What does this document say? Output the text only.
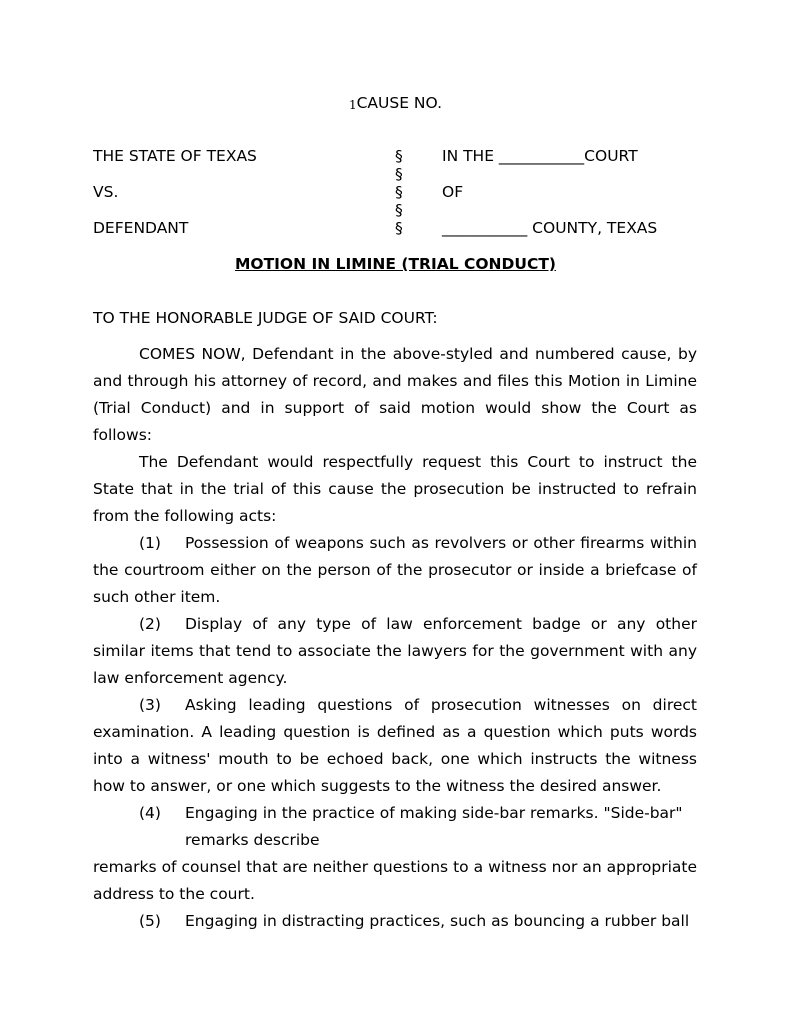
$^1$CAUSE NO.
THE STATE OF TEXAS
VS.
DEFENDANT
§
§
§
§
§
IN THE ___________COURT
OF
___________ COUNTY, TEXAS
MOTION IN LIMINE (TRIAL CONDUCT)
TO THE HONORABLE JUDGE OF SAID COURT:
COMES NOW, Defendant in the above-styled and numbered cause, by and through his attorney of record, and makes and files this Motion in Limine (Trial Conduct) and in support of said motion would show the Court as follows:
The Defendant would respectfully request this Court to instruct the State that in the trial of this cause the prosecution be instructed to refrain from the following acts:
(1) Possession of weapons such as revolvers or other firearms within the courtroom either on the person of the prosecutor or inside a briefcase of such other item.
(2) Display of any type of law enforcement badge or any other similar items that tend to associate the lawyers for the government with any law enforcement agency.
(3) Asking leading questions of prosecution witnesses on direct examination. A leading question is defined as a question which puts words into a witness' mouth to be echoed back, one which instructs the witness how to answer, or one which suggests to the witness the desired answer.
(4)	Engaging in the practice of making side-bar remarks. "Side-bar"
remarks describe
remarks of counsel that are neither questions to a witness nor an appropriate address to the court.
(5) Engaging in distracting practices, such as bouncing a rubber ball
